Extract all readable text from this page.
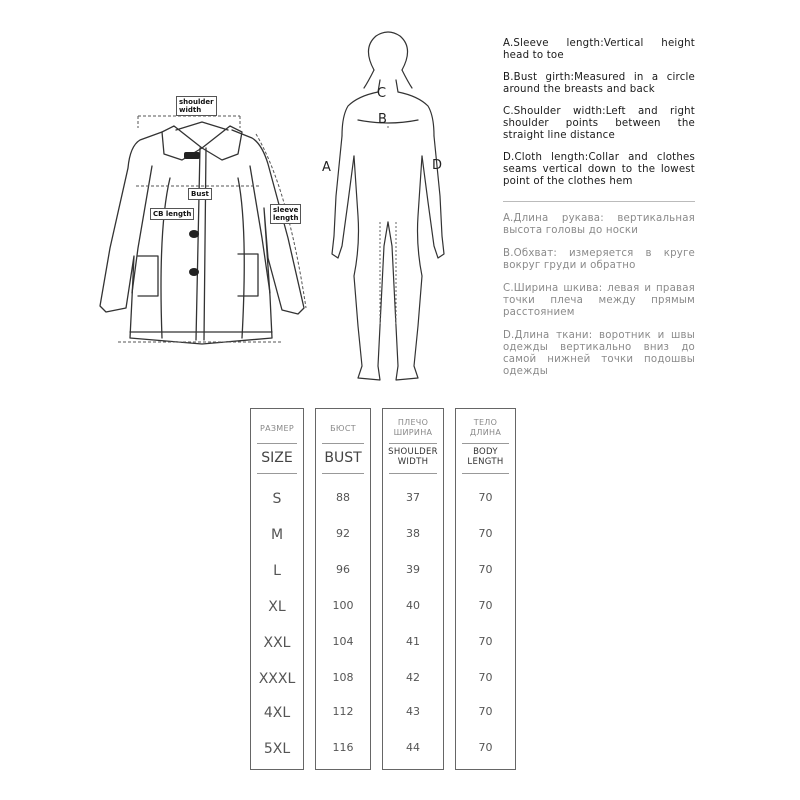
shoulder
width
Bust
CB length	sleeve
length
C
B
A	D

A.Sleeve length:Vertical height head to toe

B.Bust girth:Measured in a circle around the breasts and back

C.Shoulder width:Left and right shoulder points between the straight line distance

D.Cloth length:Collar and clothes seams vertical down to the lowest point of the clothes hem

A.Длина рукава: вертикальная высота головы до носки

B.Обхват: измеряется в круге вокруг груди и обратно

C.Ширина шкива: левая и правая точки плеча между прямым расстоянием

D.Длина ткани: воротник и швы одежды вертикально вниз до самой нижней точки подошвы одежды

РАЗМЕР
SIZE
S
M
L
XL
XXL
XXXL
4XL
5XL
БЮСТ
BUST
88
92
96
100
104
108
112
116
ПЛЕЧО
ШИРИНА
SHOULDER
WIDTH
37
38
39
40
41
42
43
44
ТЕЛО
ДЛИНА
BODY
LENGTH
70
70
70
70
70
70
70
70
